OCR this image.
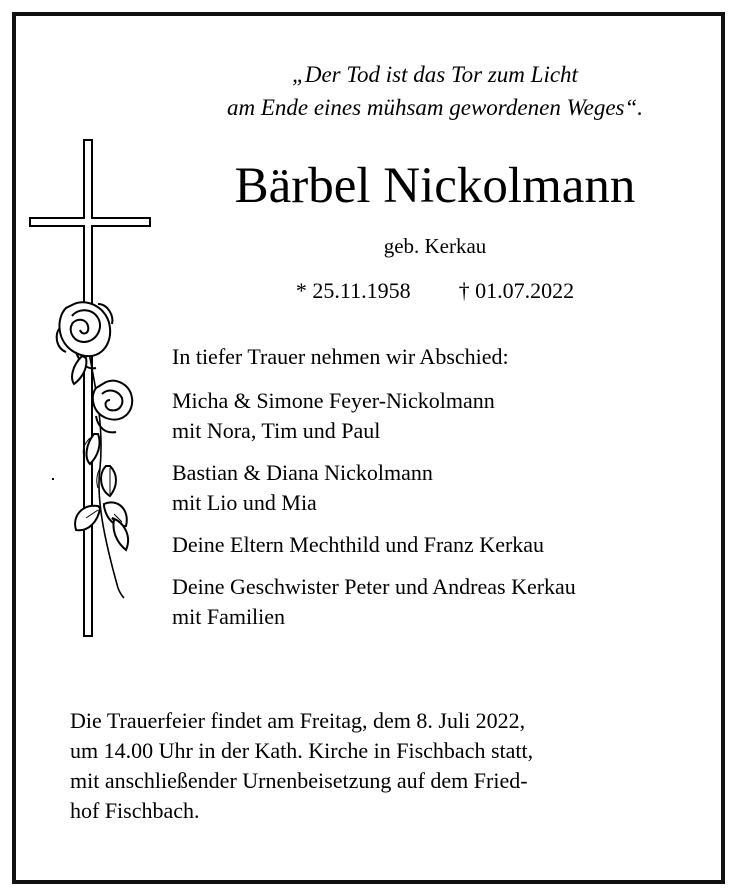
„Der Tod ist das Tor zum Licht
am Ende eines mühsam gewordenen Weges“.
Bärbel Nickolmann
geb. Kerkau
* 25.11.1958 † 01.07.2022
In tiefer Trauer nehmen wir Abschied:
Micha & Simone Feyer-Nickolmann
mit Nora, Tim und Paul
Bastian & Diana Nickolmann
mit Lio und Mia
Deine Eltern Mechthild und Franz Kerkau
Deine Geschwister Peter und Andreas Kerkau
mit Familien
Die Trauerfeier findet am Freitag, dem 8. Juli 2022,
um 14.00 Uhr in der Kath. Kirche in Fischbach statt,
mit anschließender Urnenbeisetzung auf dem Fried-
hof Fischbach.
